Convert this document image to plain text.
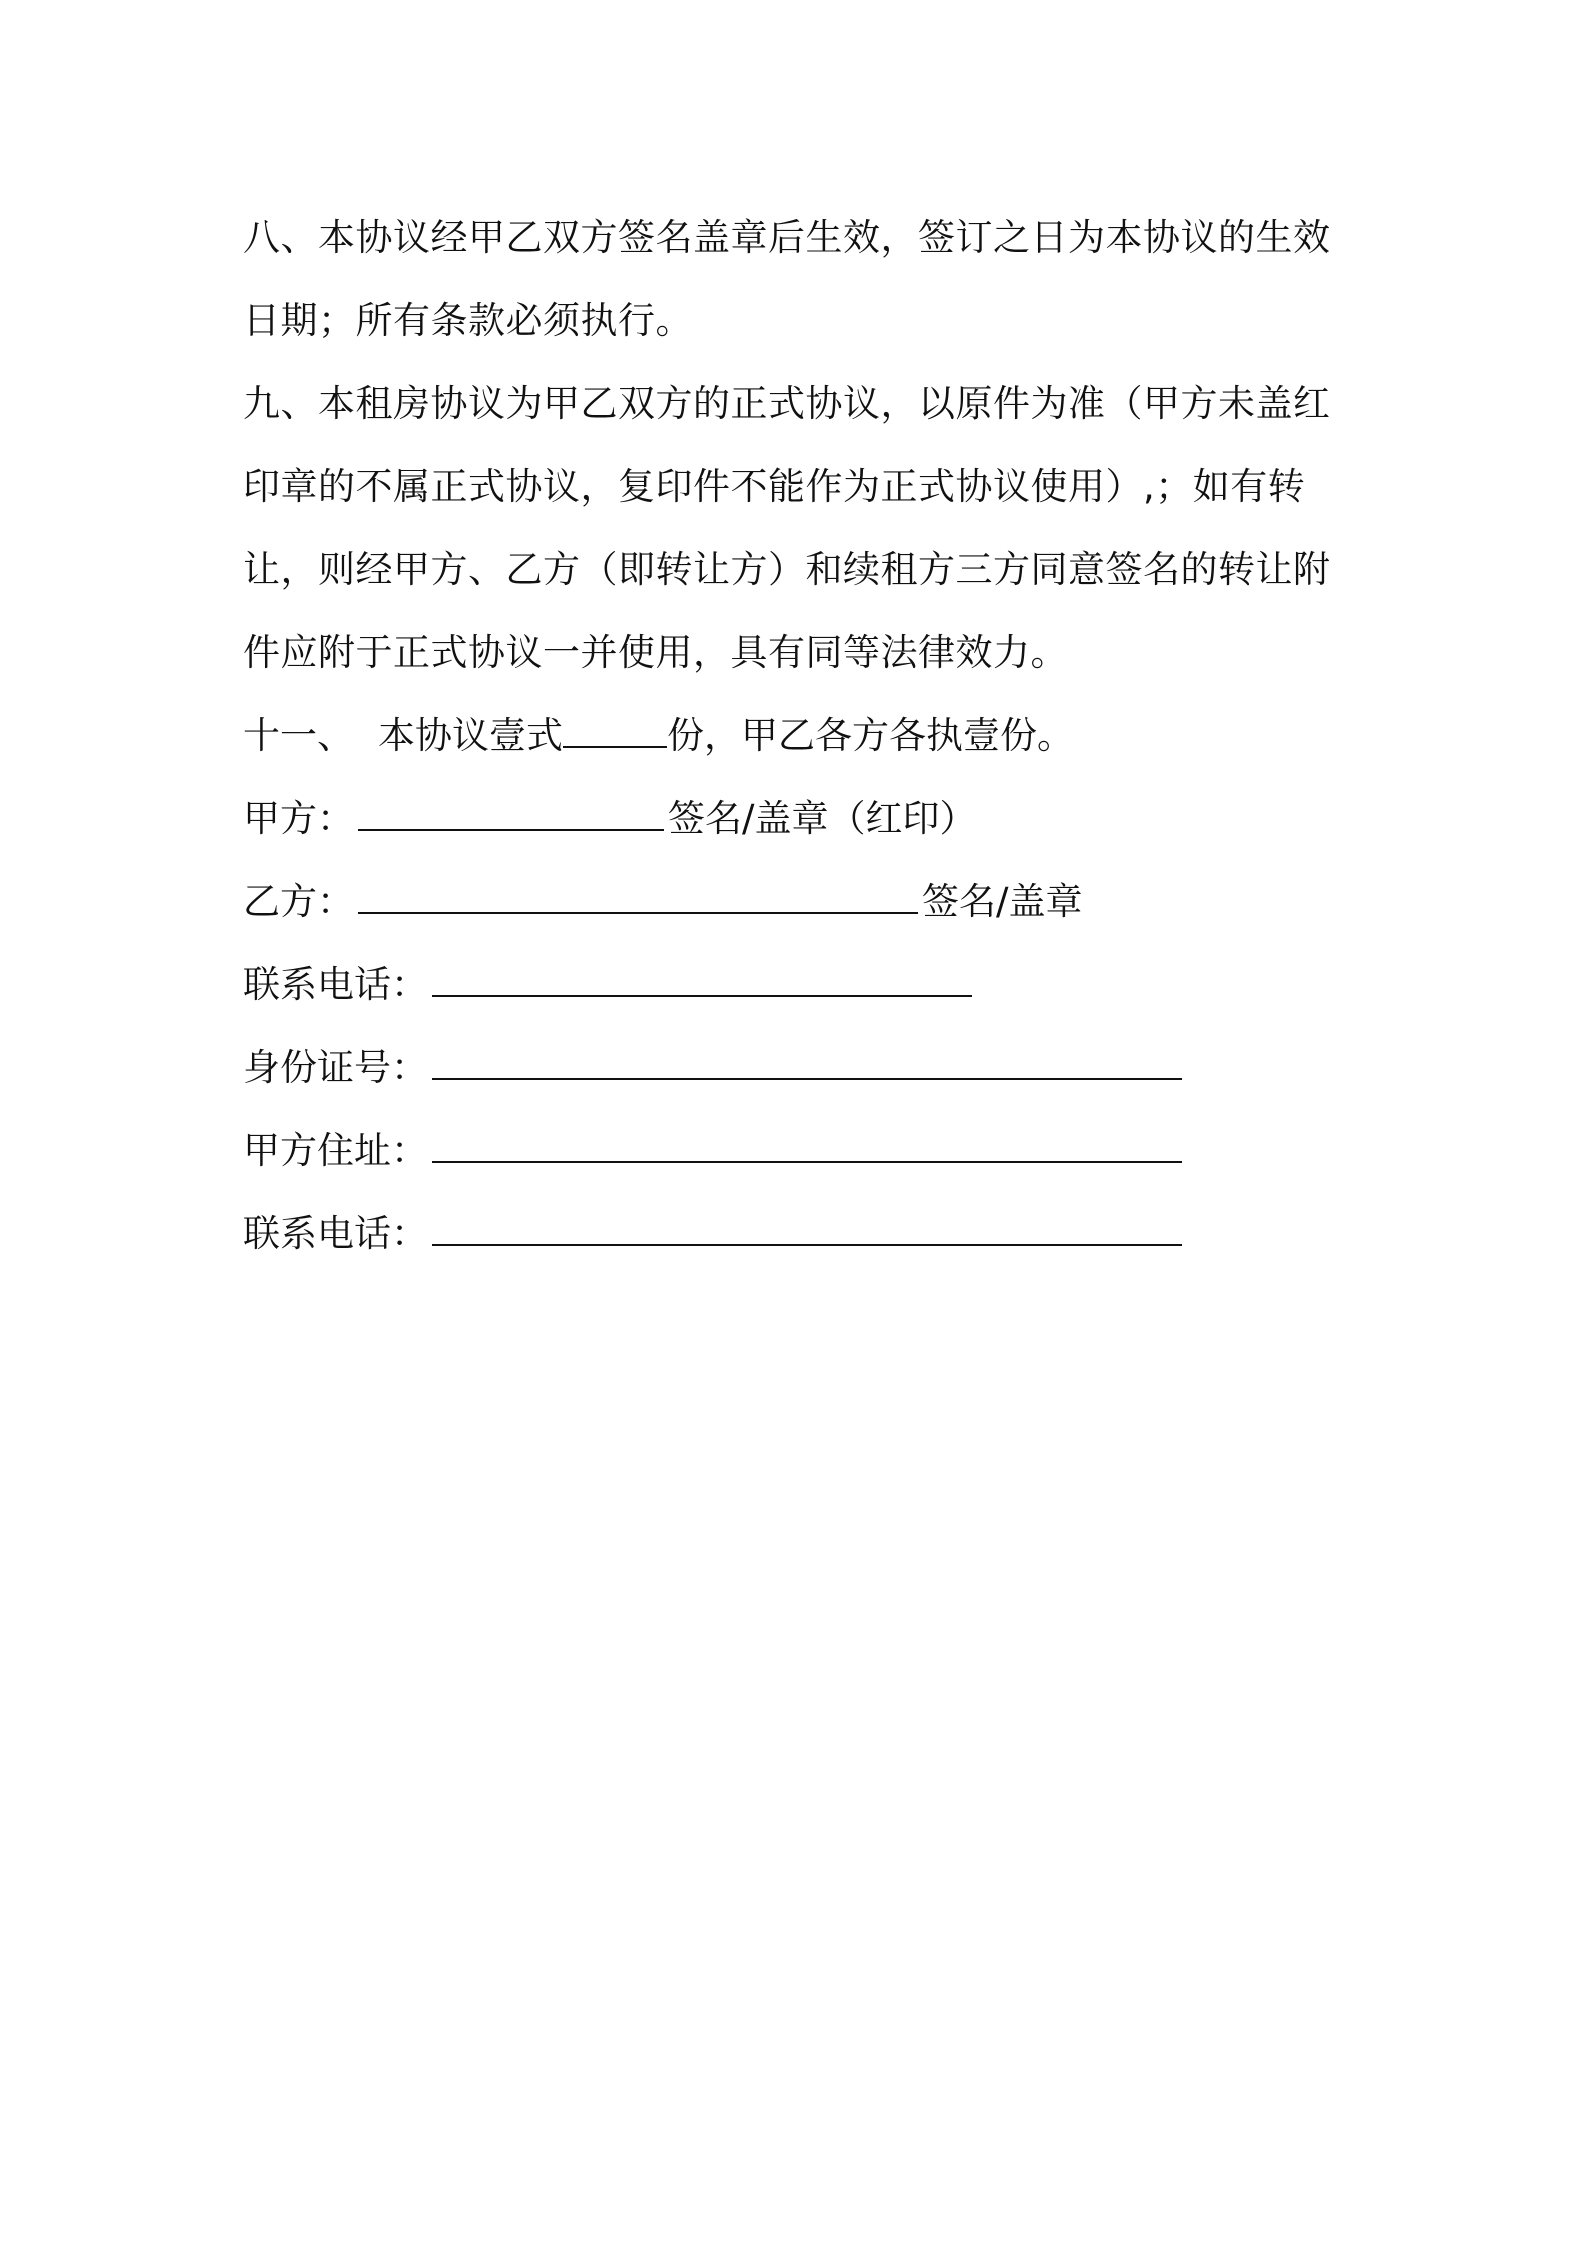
八、本协议经甲乙双方签名盖章后生效，签订之日为本协议的生效日期；所有条款必须执行。

九、本租房协议为甲乙双方的正式协议，以原件为准（甲方未盖红印章的不属正式协议，复印件不能作为正式协议使用）,；如有转让，则经甲方、乙方（即转让方）和续租方三方同意签名的转让附件应附于正式协议一并使用，具有同等法律效力。

十一、 本协议壹式	份，甲乙各方各执壹份。

甲方：	签名/盖章（红印）
乙方：	签名/盖章
联系电话：
身份证号：
甲方住址：
联系电话：
